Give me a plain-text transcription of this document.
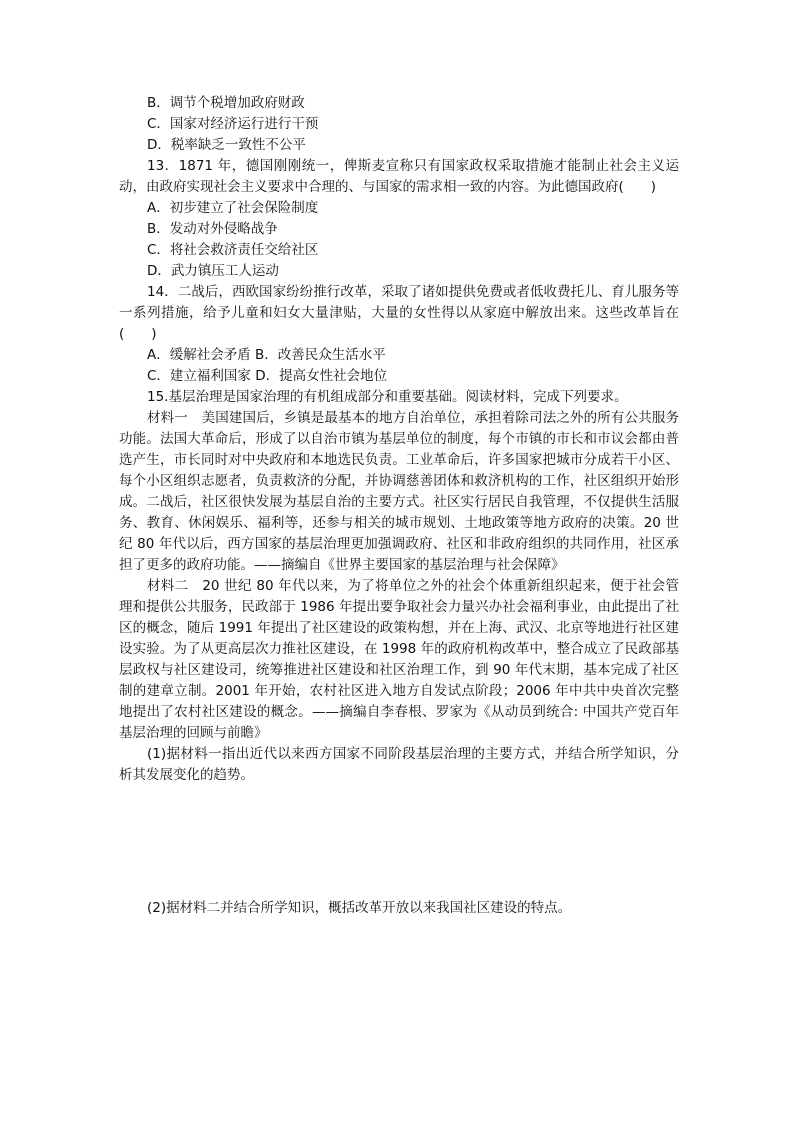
B．调节个税增加政府财政
C．国家对经济运行进行干预
D．税率缺乏一致性不公平
13．1871 年，德国刚刚统一，俾斯麦宣称只有国家政权采取措施才能制止社会主义运动，由政府实现社会主义要求中合理的、与国家的需求相一致的内容。为此德国政府(　　)
A．初步建立了社会保险制度
B．发动对外侵略战争
C．将社会救济责任交给社区
D．武力镇压工人运动
14．二战后，西欧国家纷纷推行改革，采取了诸如提供免费或者低收费托儿、育儿服务等一系列措施，给予儿童和妇女大量津贴，大量的女性得以从家庭中解放出来。这些改革旨在(　　)
A．缓解社会矛盾 B．改善民众生活水平
C．建立福利国家 D．提高女性社会地位
15.基层治理是国家治理的有机组成部分和重要基础。阅读材料，完成下列要求。
材料一　美国建国后，乡镇是最基本的地方自治单位，承担着除司法之外的所有公共服务功能。法国大革命后，形成了以自治市镇为基层单位的制度，每个市镇的市长和市议会都由普选产生，市长同时对中央政府和本地选民负责。工业革命后，许多国家把城市分成若干小区、每个小区组织志愿者，负责救济的分配，并协调慈善团体和救济机构的工作，社区组织开始形成。二战后，社区很快发展为基层自治的主要方式。社区实行居民自我管理，不仅提供生活服务、教育、休闲娱乐、福利等，还参与相关的城市规划、土地政策等地方政府的决策。20 世纪 80 年代以后，西方国家的基层治理更加强调政府、社区和非政府组织的共同作用，社区承担了更多的政府功能。——摘编自《世界主要国家的基层治理与社会保障》
材料二　20 世纪 80 年代以来，为了将单位之外的社会个体重新组织起来，便于社会管理和提供公共服务，民政部于 1986 年提出要争取社会力量兴办社会福利事业，由此提出了社区的概念，随后 1991 年提出了社区建设的政策构想，并在上海、武汉、北京等地进行社区建设实验。为了从更高层次力推社区建设，在 1998 年的政府机构改革中，整合成立了民政部基层政权与社区建设司，统筹推进社区建设和社区治理工作，到 90 年代末期，基本完成了社区制的建章立制。2001 年开始，农村社区进入地方自发试点阶段；2006 年中共中央首次完整地提出了农村社区建设的概念。——摘编自李春根、罗家为《从动员到统合: 中国共产党百年基层治理的回顾与前瞻》
(1)据材料一指出近代以来西方国家不同阶段基层治理的主要方式，并结合所学知识，分析其发展变化的趋势。
(2)据材料二并结合所学知识，概括改革开放以来我国社区建设的特点。
